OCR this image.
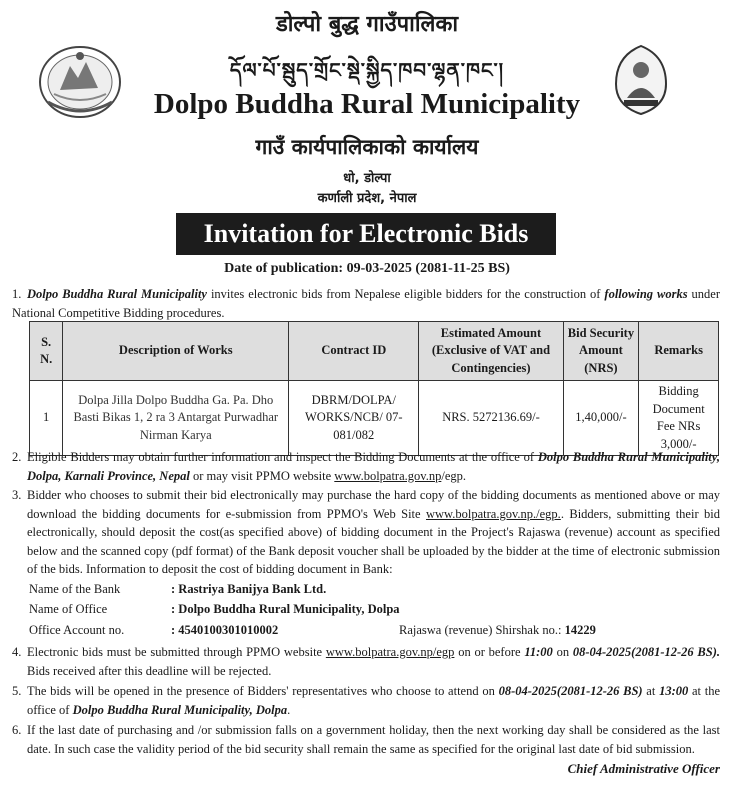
डोल्पो बुद्ध गाउँपालिका
དོལ་པོ་སྦུད་གྲོང་སྡེ་སྐྱིད་ཁབ་ལྷན་ཁང་།
Dolpo Buddha Rural Municipality
गाउँ कार्यपालिकाको कार्यालय
धो, डोल्पा
कर्णाली प्रदेश, नेपाल
Invitation for Electronic Bids
Date of publication: 09-03-2025 (2081-11-25 BS)
1. Dolpo Buddha Rural Municipality invites electronic bids from Nepalese eligible bidders for the construction of following works under National Competitive Bidding procedures.
S. N.	Description of Works	Contract ID	Estimated Amount (Exclusive of VAT and Contingencies)	Bid Security Amount (NRS)	Remarks
1	Dolpa Jilla Dolpo Buddha Ga. Pa. Dho Basti Bikas 1, 2 ra 3 Antargat Purwadhar Nirman Karya	DBRM/DOLPA/ WORKS/NCB/ 07-081/082	NRS. 5272136.69/-	1,40,000/-	Bidding Document Fee NRs 3,000/-
2. Eligible Bidders may obtain further information and inspect the Bidding Documents at the office of Dolpo Buddha Rural Municipality, Dolpa, Karnali Province, Nepal or may visit PPMO website www.bolpatra.gov.np/egp.
3. Bidder who chooses to submit their bid electronically may purchase the hard copy of the bidding documents as mentioned above or may download the bidding documents for e-submission from PPMO's Web Site www.bolpatra.gov.np./egp.. Bidders, submitting their bid electronically, should deposit the cost(as specified above) of bidding document in the Project's Rajaswa (revenue) account as specified below and the scanned copy (pdf format) of the Bank deposit voucher shall be uploaded by the bidder at the time of electronic submission of the bids. Information to deposit the cost of bidding document in Bank:
Name of the Bank	: Rastriya Banijya Bank Ltd.
Name of Office	: Dolpo Buddha Rural Municipality, Dolpa
Office Account no.	: 4540100301010002	Rajaswa (revenue) Shirshak no.: 14229
4. Electronic bids must be submitted through PPMO website www.bolpatra.gov.np/egp on or before 11:00 on 08-04-2025(2081-12-26 BS). Bids received after this deadline will be rejected.
5. The bids will be opened in the presence of Bidders' representatives who choose to attend on 08-04-2025(2081-12-26 BS) at 13:00 at the office of Dolpo Buddha Rural Municipality, Dolpa.
6. If the last date of purchasing and /or submission falls on a government holiday, then the next working day shall be considered as the last date. In such case the validity period of the bid security shall remain the same as specified for the original last date of bid submission.
Chief Administrative Officer
